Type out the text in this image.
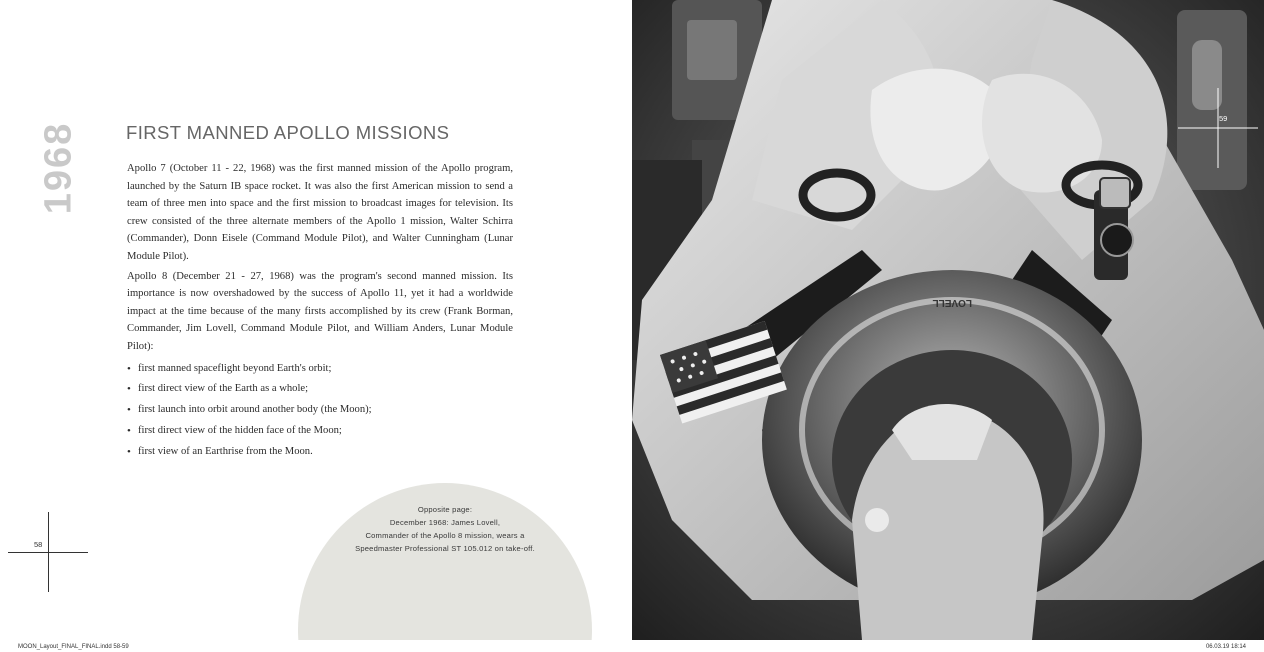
1968	FIRST MANNED APOLLO MISSIONS

Apollo 7 (October 11 - 22, 1968) was the first manned mission of the Apollo program, launched by the Saturn IB space rocket. It was also the first American mission to send a team of three men into space and the first mission to broadcast images for television. Its crew consisted of the three alternate members of the Apollo 1 mission, Walter Schirra (Commander), Donn Eisele (Command Module Pilot), and Walter Cunningham (Lunar Module Pilot).

Apollo 8 (December 21 - 27, 1968) was the program's second manned mission. Its importance is now overshadowed by the success of Apollo 11, yet it had a worldwide impact at the time because of the many firsts accomplished by its crew (Frank Borman, Commander, Jim Lovell, Command Module Pilot, and William Anders, Lunar Module Pilot):

• first manned spaceflight beyond Earth's orbit;
• first direct view of the Earth as a whole;
• first launch into orbit around another body (the Moon);
• first direct view of the hidden face of the Moon;
• first view of an Earthrise from the Moon.
58
Opposite page:
December 1968: James Lovell,
Commander of the Apollo 8 mission, wears a
Speedmaster Professional ST 105.012 on take-off.
LOVELL
59
MOON_Layout_FINAL_FINAL.indd 58-59	06.03.19 18:14
